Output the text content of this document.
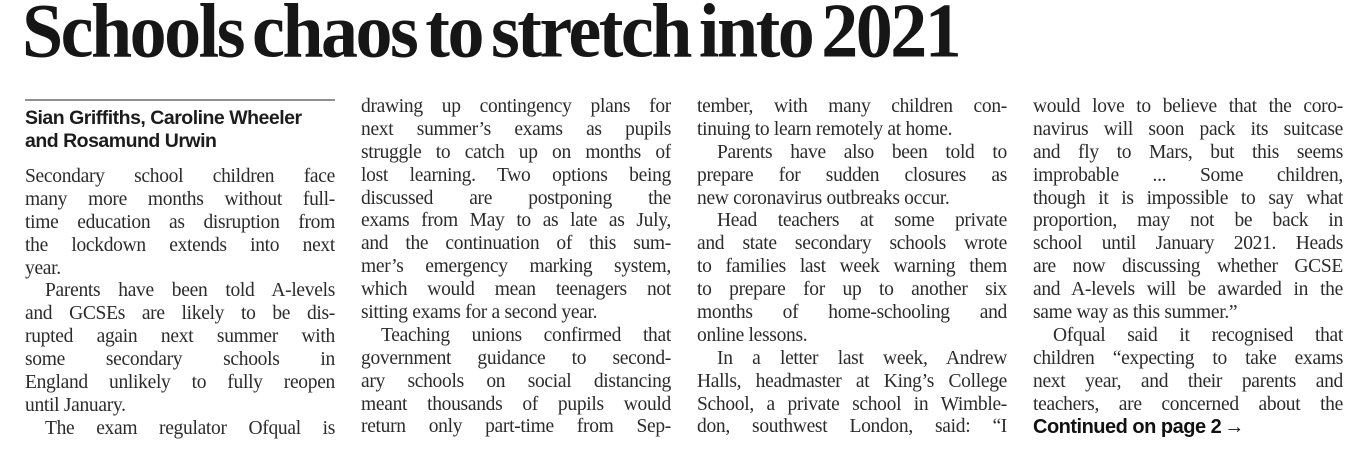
Schools chaos to stretch into 2021
Sian Griffiths, Caroline Wheeler
and Rosamund Urwin
Secondary school children face
many more months without full-
time education as disruption from
the lockdown extends into next
year.
Parents have been told A-levels
and GCSEs are likely to be dis-
rupted again next summer with
some secondary schools in
England unlikely to fully reopen
until January.
The exam regulator Ofqual is
drawing up contingency plans for
next summer’s exams as pupils
struggle to catch up on months of
lost learning. Two options being
discussed are postponing the
exams from May to as late as July,
and the continuation of this sum-
mer’s emergency marking system,
which would mean teenagers not
sitting exams for a second year.
Teaching unions confirmed that
government guidance to second-
ary schools on social distancing
meant thousands of pupils would
return only part-time from Sep-
tember, with many children con-
tinuing to learn remotely at home.
Parents have also been told to
prepare for sudden closures as
new coronavirus outbreaks occur.
Head teachers at some private
and state secondary schools wrote
to families last week warning them
to prepare for up to another six
months of home-schooling and
online lessons.
In a letter last week, Andrew
Halls, headmaster at King’s College
School, a private school in Wimble-
don, southwest London, said: “I
would love to believe that the coro-
navirus will soon pack its suitcase
and fly to Mars, but this seems
improbable ... Some children,
though it is impossible to say what
proportion, may not be back in
school until January 2021. Heads
are now discussing whether GCSE
and A-levels will be awarded in the
same way as this summer.”
Ofqual said it recognised that
children “expecting to take exams
next year, and their parents and
teachers, are concerned about the
Continued on page 2 →
